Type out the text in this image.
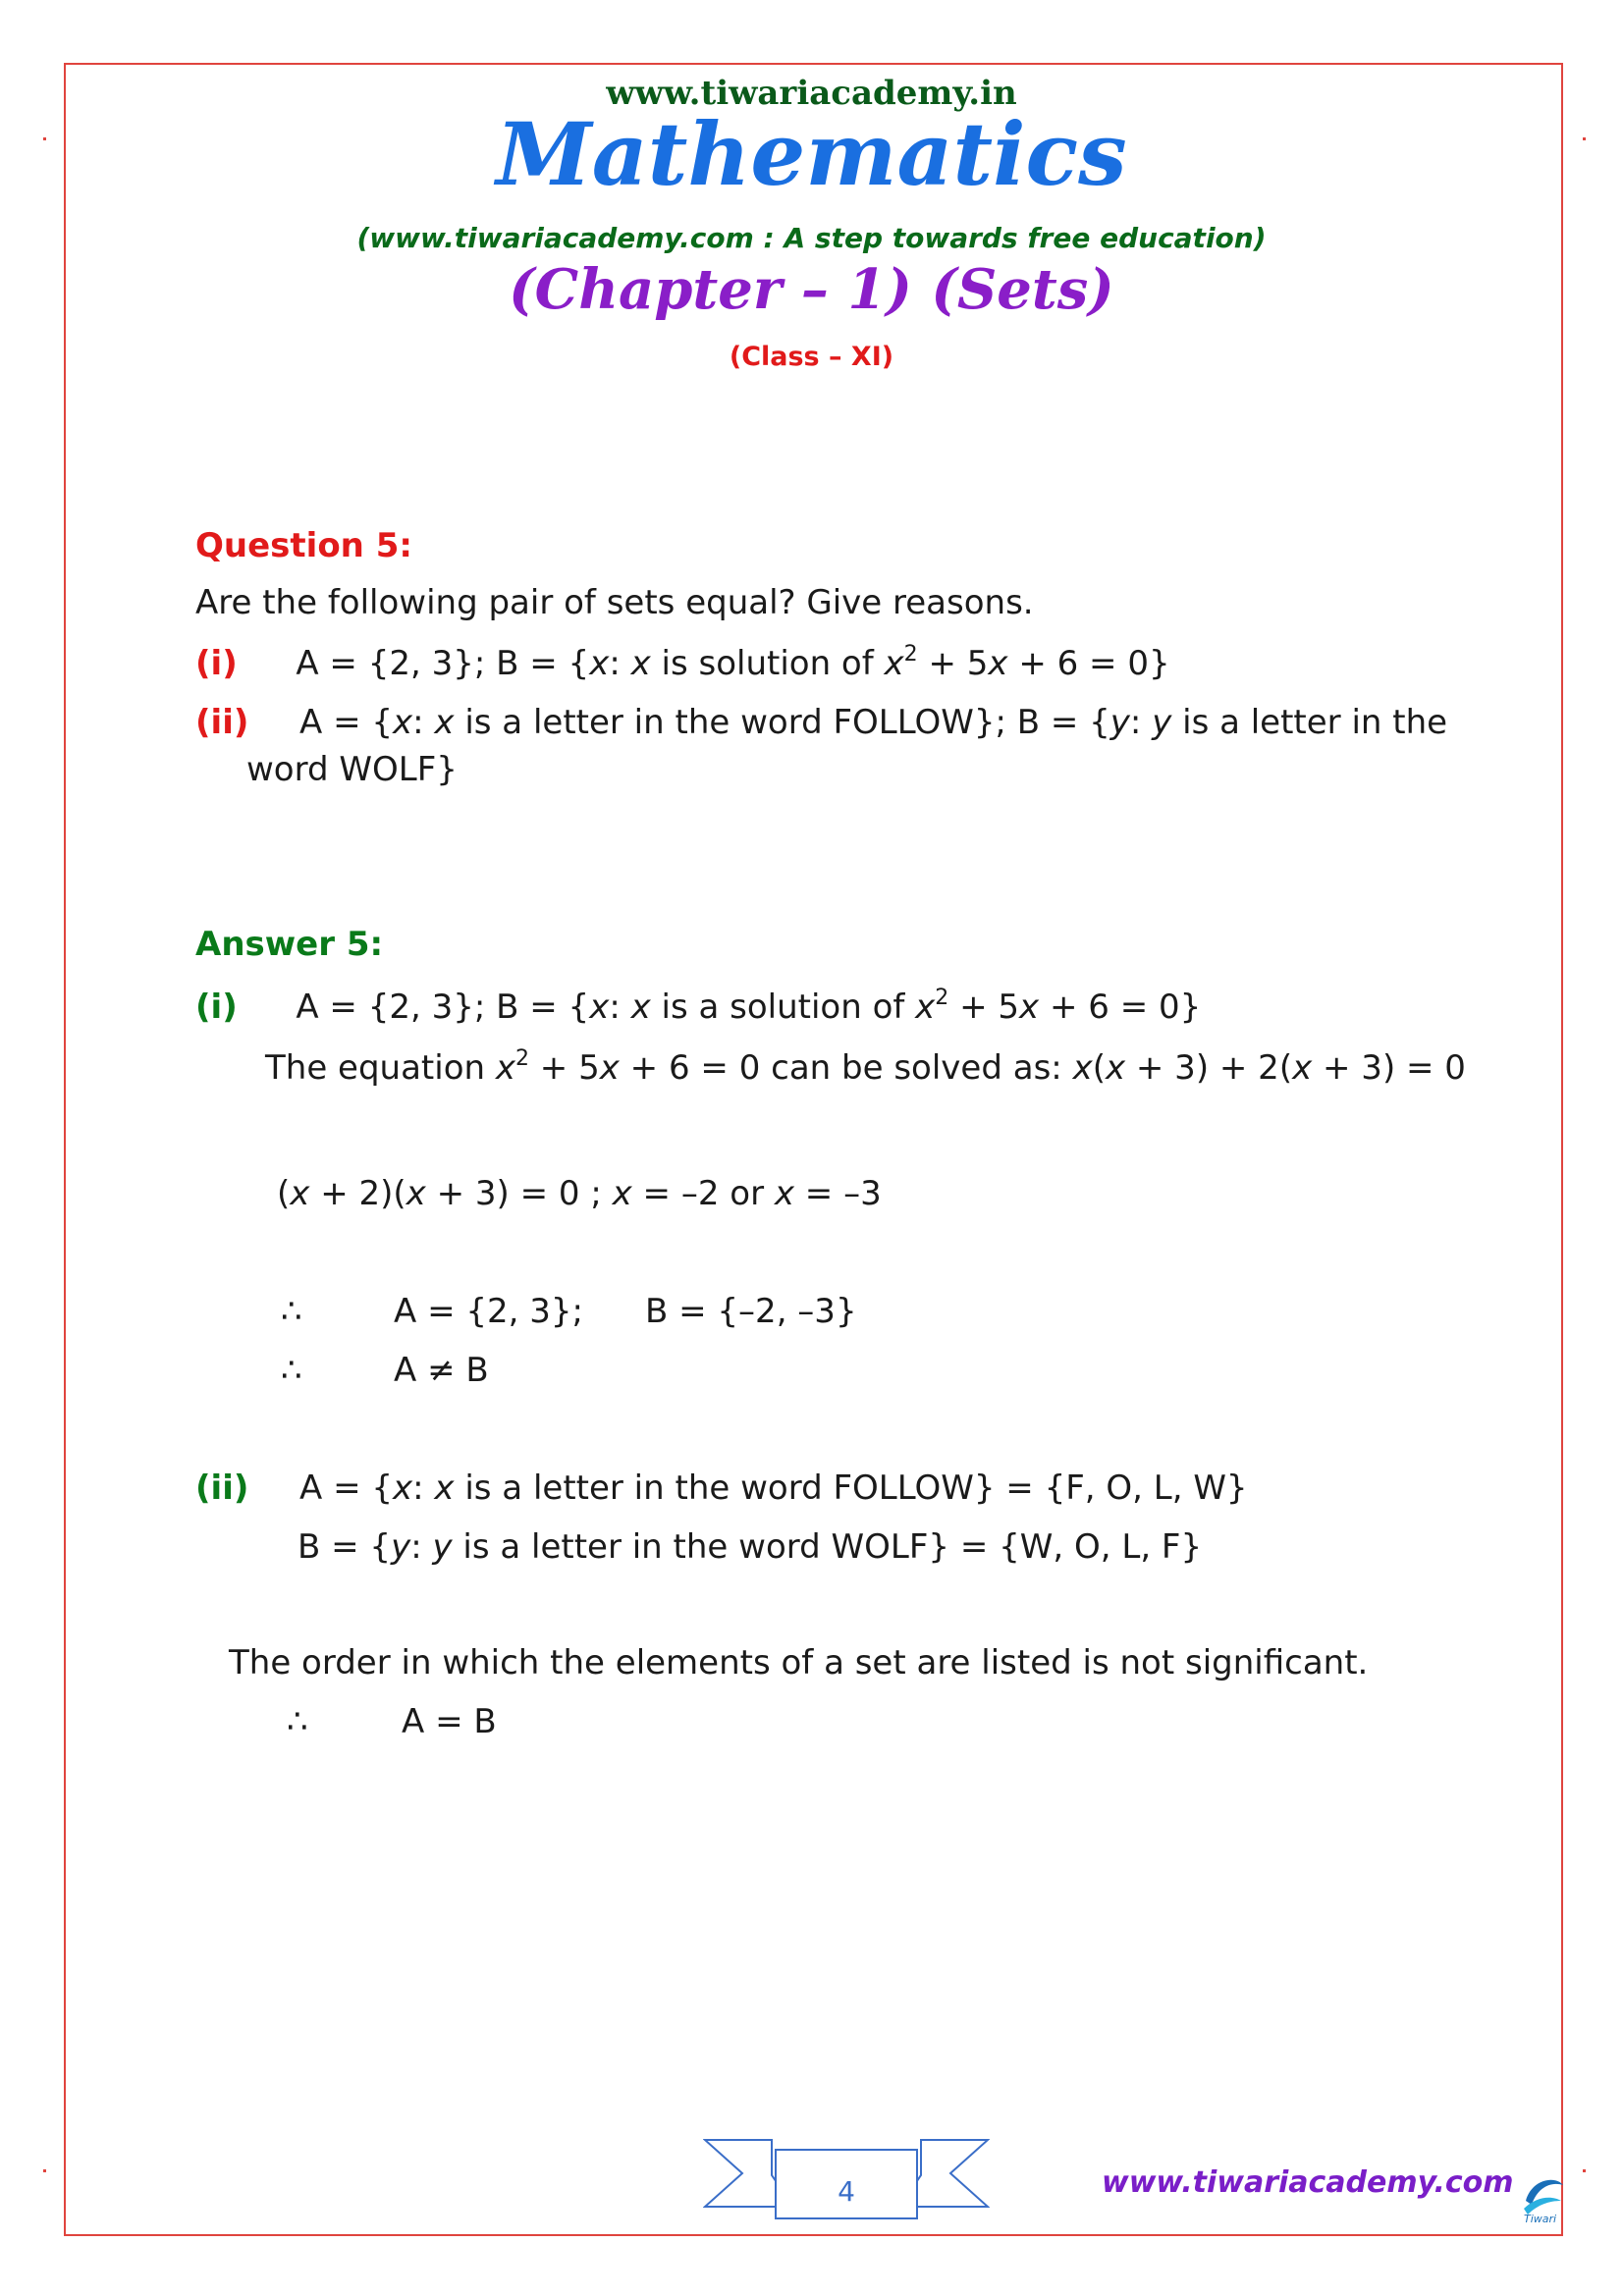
www.tiwariacademy.in
Mathematics
(www.tiwariacademy.com : A step towards free education)
(Chapter – 1) (Sets)
(Class – XI)
Question 5:
Are the following pair of sets equal? Give reasons.
(i) A = {2, 3}; B = {x: x is solution of $x^2 + 5x + 6 = 0$}
(ii) A = {x: x is a letter in the word FOLLOW}; B = {y: y is a letter in the
word WOLF}
Answer 5:
(i) A = {2, 3}; B = {x: x is a solution of $x^2 + 5x + 6 = 0$}
The equation $x^2 + 5x + 6 = 0$ can be solved as: x(x + 3) + 2(x + 3) = 0
(x + 2)(x + 3) = 0 ; x = –2 or x = –3
∴	A = {2, 3}; B = {–2, –3}
∴	A ≠ B
(ii) A = {x: x is a letter in the word FOLLOW} = {F, O, L, W}
B = {y: y is a letter in the word WOLF} = {W, O, L, F}
The order in which the elements of a set are listed is not significant.
∴	A = B
4	www.tiwariacademy.com
Tiwari
